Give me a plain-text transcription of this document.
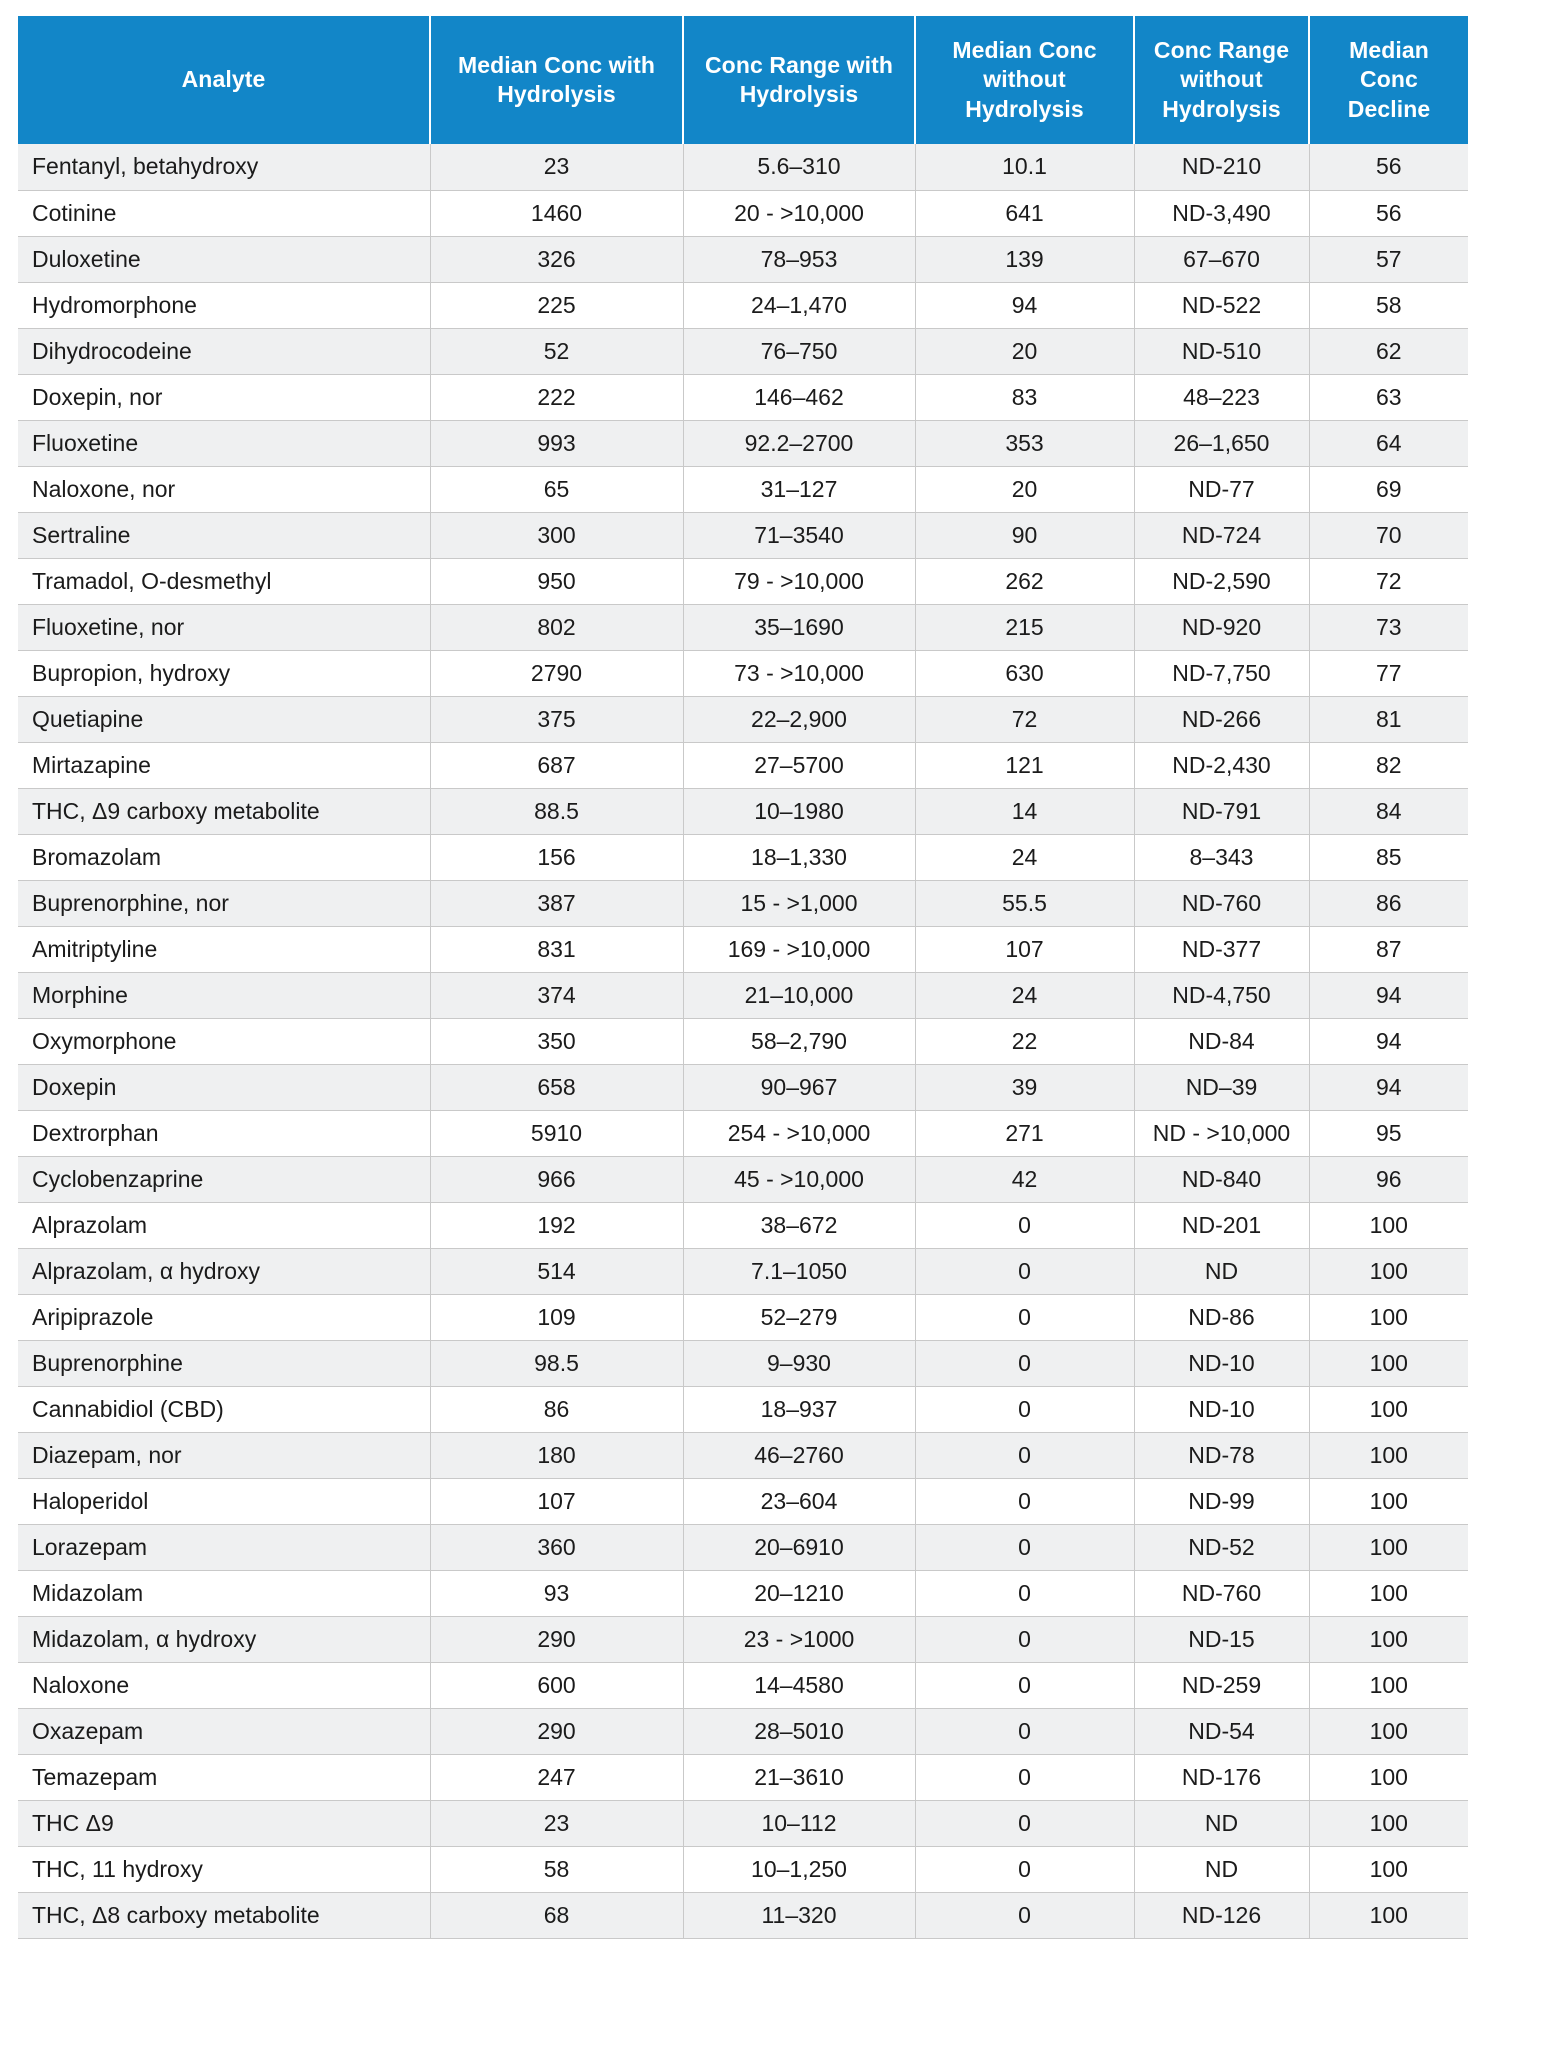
Analyte	Median Conc with Hydrolysis	Conc Range with Hydrolysis	Median Conc without Hydrolysis	Conc Range without Hydrolysis	Median Conc Decline
Fentanyl, betahydroxy	23	5.6–310	10.1	ND-210	56
Cotinine	1460	20 - >10,000	641	ND-3,490	56
Duloxetine	326	78–953	139	67–670	57
Hydromorphone	225	24–1,470	94	ND-522	58
Dihydrocodeine	52	76–750	20	ND-510	62
Doxepin, nor	222	146–462	83	48–223	63
Fluoxetine	993	92.2–2700	353	26–1,650	64
Naloxone, nor	65	31–127	20	ND-77	69
Sertraline	300	71–3540	90	ND-724	70
Tramadol, O-desmethyl	950	79 - >10,000	262	ND-2,590	72
Fluoxetine, nor	802	35–1690	215	ND-920	73
Bupropion, hydroxy	2790	73 - >10,000	630	ND-7,750	77
Quetiapine	375	22–2,900	72	ND-266	81
Mirtazapine	687	27–5700	121	ND-2,430	82
THC, Δ9 carboxy metabolite	88.5	10–1980	14	ND-791	84
Bromazolam	156	18–1,330	24	8–343	85
Buprenorphine, nor	387	15 - >1,000	55.5	ND-760	86
Amitriptyline	831	169 - >10,000	107	ND-377	87
Morphine	374	21–10,000	24	ND-4,750	94
Oxymorphone	350	58–2,790	22	ND-84	94
Doxepin	658	90–967	39	ND–39	94
Dextrorphan	5910	254 - >10,000	271	ND - >10,000	95
Cyclobenzaprine	966	45 - >10,000	42	ND-840	96
Alprazolam	192	38–672	0	ND-201	100
Alprazolam, α hydroxy	514	7.1–1050	0	ND	100
Aripiprazole	109	52–279	0	ND-86	100
Buprenorphine	98.5	9–930	0	ND-10	100
Cannabidiol (CBD)	86	18–937	0	ND-10	100
Diazepam, nor	180	46–2760	0	ND-78	100
Haloperidol	107	23–604	0	ND-99	100
Lorazepam	360	20–6910	0	ND-52	100
Midazolam	93	20–1210	0	ND-760	100
Midazolam, α hydroxy	290	23 - >1000	0	ND-15	100
Naloxone	600	14–4580	0	ND-259	100
Oxazepam	290	28–5010	0	ND-54	100
Temazepam	247	21–3610	0	ND-176	100
THC Δ9	23	10–112	0	ND	100
THC, 11 hydroxy	58	10–1,250	0	ND	100
THC, Δ8 carboxy metabolite	68	11–320	0	ND-126	100
